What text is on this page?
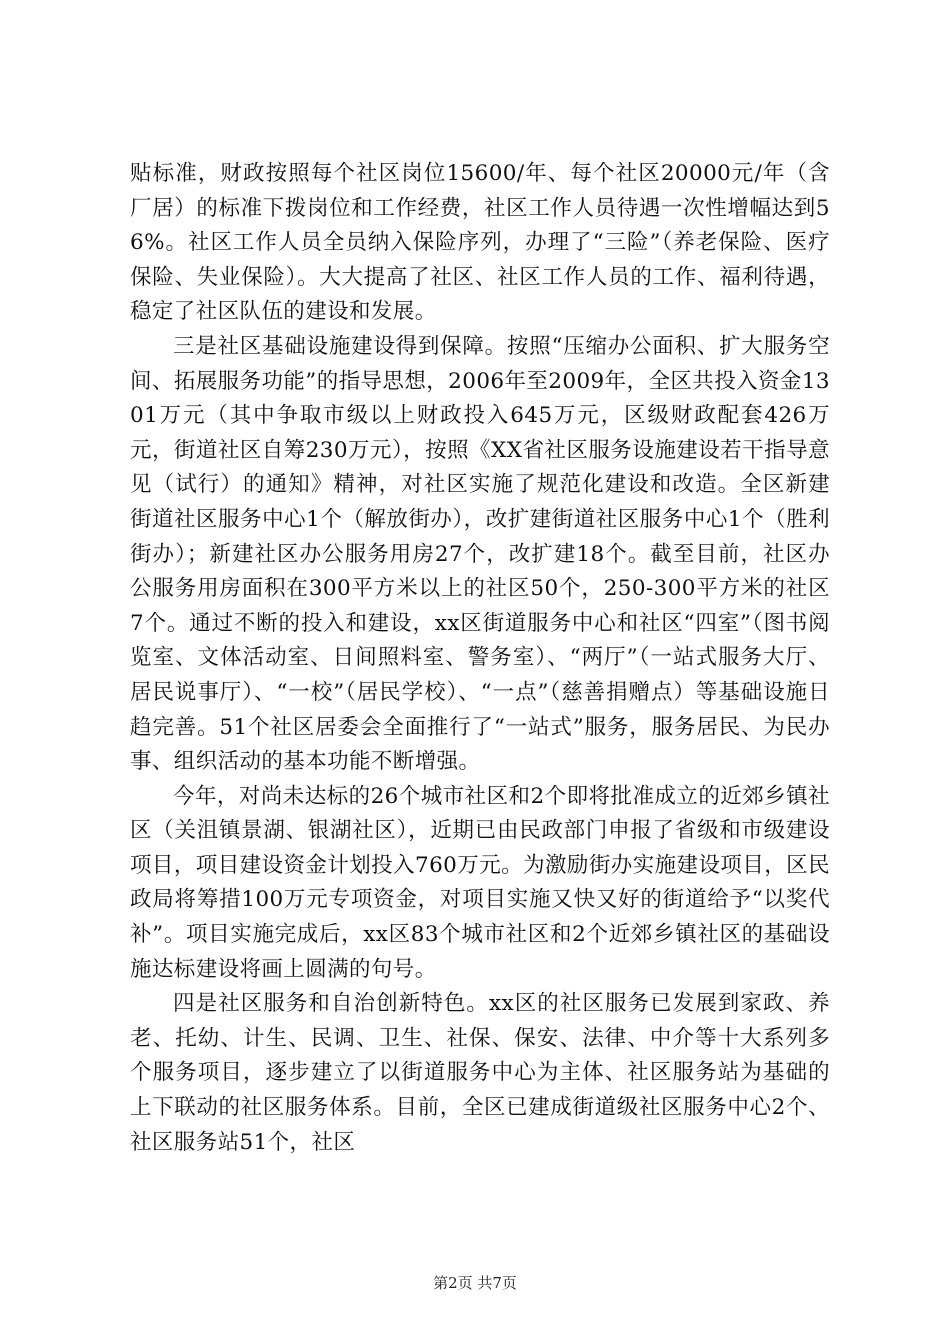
贴标准，财政按照每个社区岗位15600/年、每个社区20000元/年（含厂居）的标准下拨岗位和工作经费，社区工作人员待遇一次性增幅达到56%。社区工作人员全员纳入保险序列，办理了“三险”（养老保险、医疗保险、失业保险）。大大提高了社区、社区工作人员的工作、福利待遇，稳定了社区队伍的建设和发展。

三是社区基础设施建设得到保障。按照“压缩办公面积、扩大服务空间、拓展服务功能”的指导思想，2006年至2009年，全区共投入资金1301万元（其中争取市级以上财政投入645万元，区级财政配套426万元，街道社区自筹230万元），按照《XX省社区服务设施建设若干指导意见（试行）的通知》精神，对社区实施了规范化建设和改造。全区新建街道社区服务中心1个（解放街办），改扩建街道社区服务中心1个（胜利街办）；新建社区办公服务用房27个，改扩建18个。截至目前，社区办公服务用房面积在300平方米以上的社区50个，250-300平方米的社区7个。通过不断的投入和建设，xx区街道服务中心和社区“四室”（图书阅览室、文体活动室、日间照料室、警务室）、“两厅”（一站式服务大厅、居民说事厅）、“一校”（居民学校）、“一点”（慈善捐赠点）等基础设施日趋完善。51个社区居委会全面推行了“一站式”服务，服务居民、为民办事、组织活动的基本功能不断增强。

今年，对尚未达标的26个城市社区和2个即将批准成立的近郊乡镇社区（关沮镇景湖、银湖社区），近期已由民政部门申报了省级和市级建设项目，项目建设资金计划投入760万元。为激励街办实施建设项目，区民政局将筹措100万元专项资金，对项目实施又快又好的街道给予“以奖代补”。项目实施完成后，xx区83个城市社区和2个近郊乡镇社区的基础设施达标建设将画上圆满的句号。

四是社区服务和自治创新特色。xx区的社区服务已发展到家政、养老、托幼、计生、民调、卫生、社保、保安、法律、中介等十大系列多个服务项目，逐步建立了以街道服务中心为主体、社区服务站为基础的上下联动的社区服务体系。目前，全区已建成街道级社区服务中心2个、社区服务站51个，社区

第2页 共7页
